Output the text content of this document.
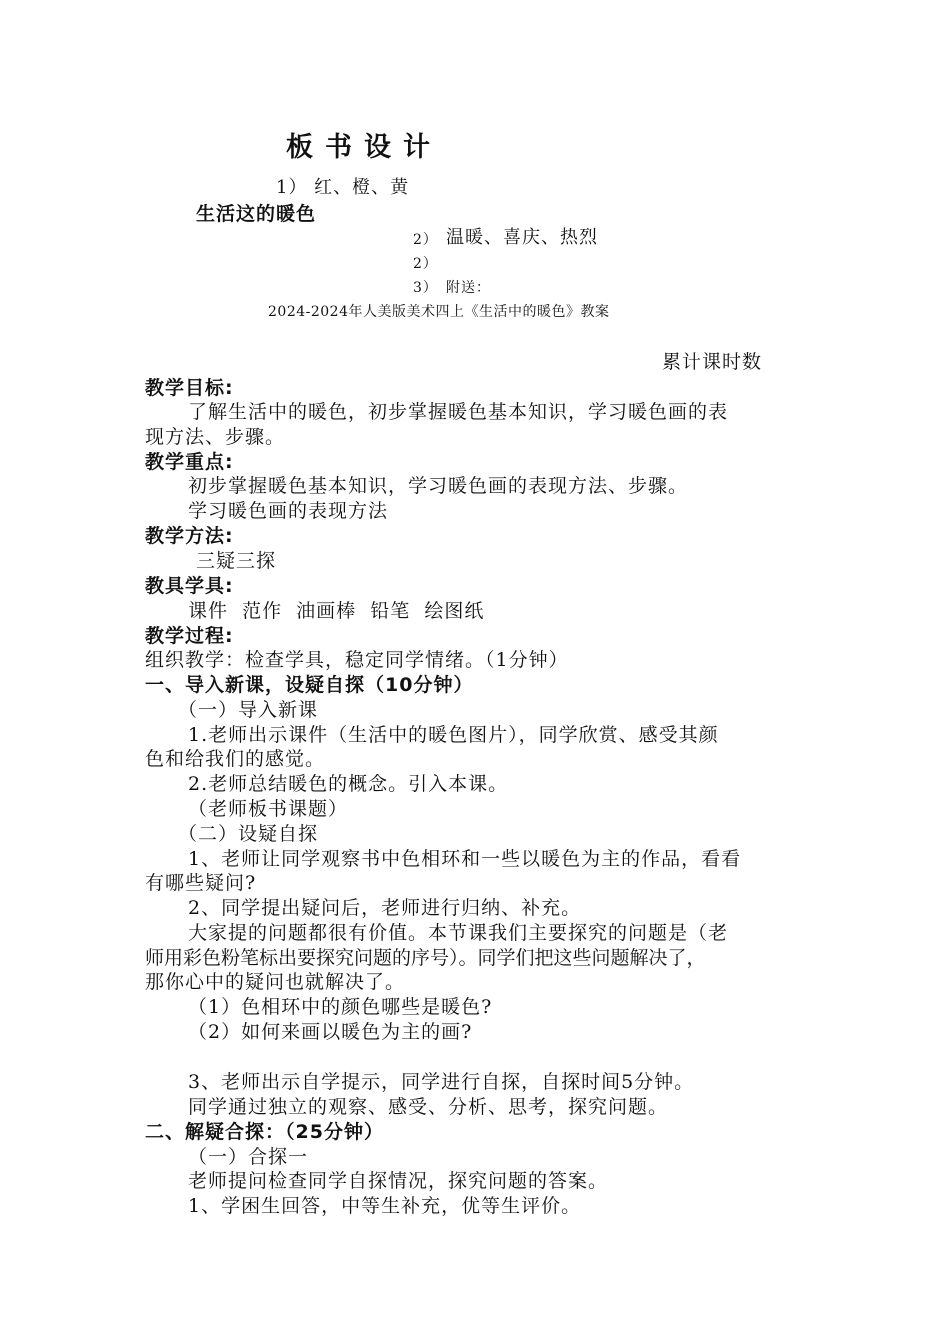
板书设计
1） 红、橙、黄
生活这的暖色
2） 温暖、喜庆、热烈
2）
3） 附送：
2024-2024年人美版美术四上《生活中的暖色》教案
累计课时数
教学目标:
了解生活中的暖色，初步掌握暖色基本知识，学习暖色画的表
现方法、步骤。
教学重点:
初步掌握暖色基本知识，学习暖色画的表现方法、步骤。
学习暖色画的表现方法
教学方法:
三疑三探
教具学具:
课件  范作  油画棒  铅笔  绘图纸
教学过程:
组织教学：检查学具，稳定同学情绪。（1分钟）
一、导入新课，设疑自探（10分钟）
（一）导入新课
1.老师出示课件（生活中的暖色图片），同学欣赏、感受其颜
色和给我们的感觉。
2.老师总结暖色的概念。引入本课。
（老师板书课题）
（二）设疑自探
1、老师让同学观察书中色相环和一些以暖色为主的作品，看看
有哪些疑问?
2、同学提出疑问后，老师进行归纳、补充。
大家提的问题都很有价值。本节课我们主要探究的问题是（老
师用彩色粉笔标出要探究问题的序号）。同学们把这些问题解决了，
那你心中的疑问也就解决了。
（1）色相环中的颜色哪些是暖色?
（2）如何来画以暖色为主的画?
3、老师出示自学提示，同学进行自探，自探时间5分钟。
同学通过独立的观察、感受、分析、思考，探究问题。
二、解疑合探：（25分钟）
（一）合探一
老师提问检查同学自探情况，探究问题的答案。
1、学困生回答，中等生补充，优等生评价。
